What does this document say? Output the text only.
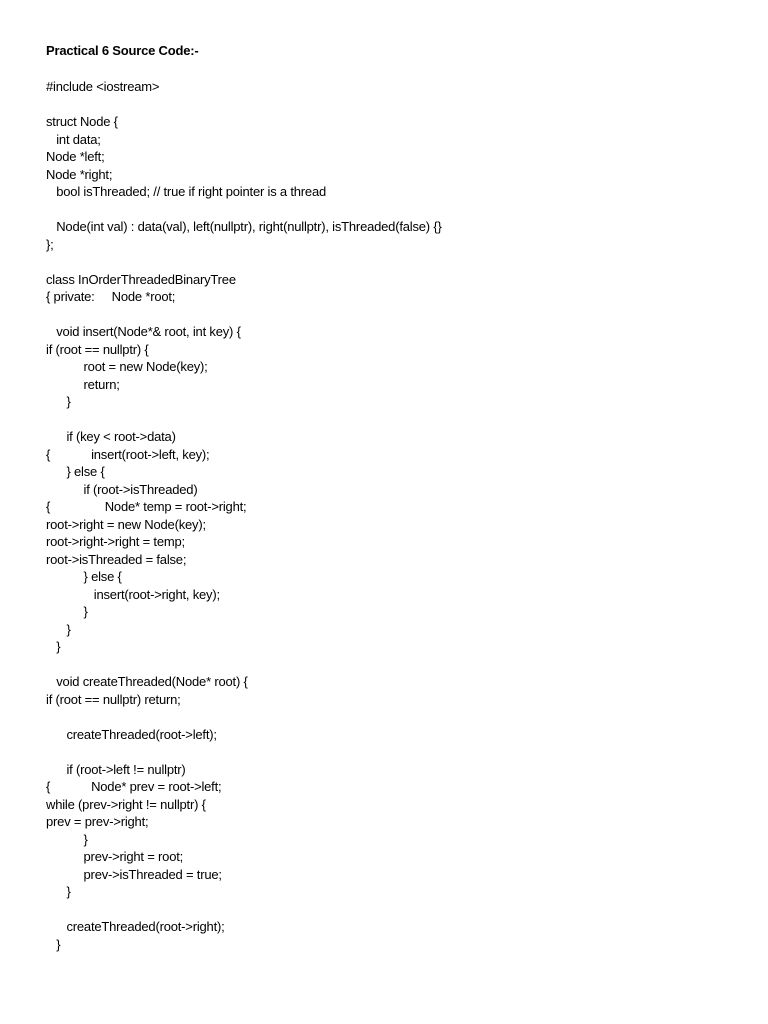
Practical 6 Source Code:-
#include <iostream>
struct Node {
int data;
Node *left;
Node *right;
bool isThreaded; // true if right pointer is a thread
Node(int val) : data(val), left(nullptr), right(nullptr), isThreaded(false) {}
};
class InOrderThreadedBinaryTree
{ private:     Node *root;
void insert(Node*& root, int key) {
if (root == nullptr) {
root = new Node(key);
return;
}
if (key < root->data)
{            insert(root->left, key);
} else {
if (root->isThreaded)
{                Node* temp = root->right;
root->right = new Node(key);
root->right->right = temp;
root->isThreaded = false;
} else {
insert(root->right, key);
}
}
}
void createThreaded(Node* root) {
if (root == nullptr) return;
createThreaded(root->left);
if (root->left != nullptr)
{            Node* prev = root->left;
while (prev->right != nullptr) {
prev = prev->right;
}
prev->right = root;
prev->isThreaded = true;
}
createThreaded(root->right);
}
